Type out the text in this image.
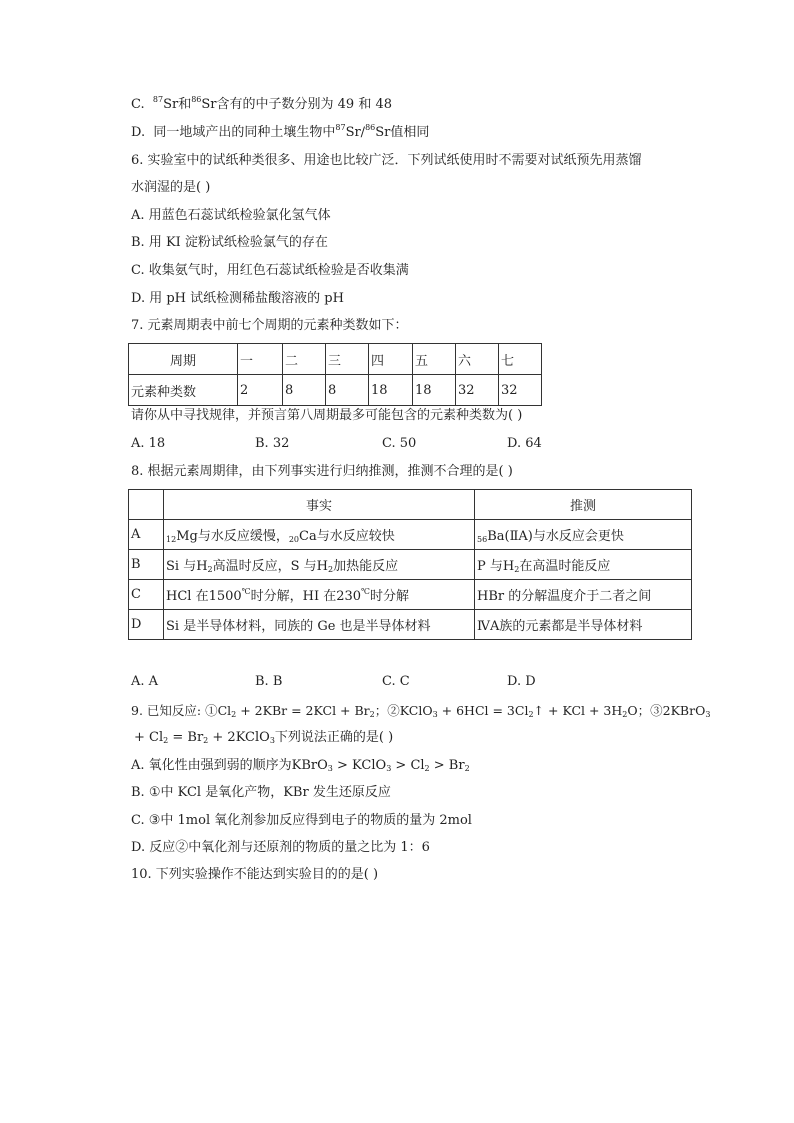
C. $^{87}$Sr和$^{86}$Sr含有的中子数分别为 49 和 48
D. 同一地域产出的同种土壤生物中$^{87}$Sr/$^{86}$Sr值相同
6. 实验室中的试纸种类很多、用途也比较广泛．下列试纸使用时不需要对试纸预先用蒸馏
水润湿的是( )
A. 用蓝色石蕊试纸检验氯化氢气体
B. 用 KI 淀粉试纸检验氯气的存在
C. 收集氨气时，用红色石蕊试纸检验是否收集满
D. 用 pH 试纸检测稀盐酸溶液的 pH
7. 元素周期表中前七个周期的元素种类数如下：
周期	一	二	三	四	五	六	七
元素种类数	2	8	8	18	18	32	32
请你从中寻找规律，并预言第八周期最多可能包含的元素种类数为( )
A. 18	B. 32	C. 50	D. 64
8. 根据元素周期律，由下列事实进行归纳推测，推测不合理的是( )
	事实	推测
A	$_{12}$Mg与水反应缓慢，$_{20}$Ca与水反应较快	$_{56}$Ba(ⅡA)与水反应会更快
B	Si 与$H_2$高温时反应，S 与$H_2$加热能反应	P 与$H_2$在高温时能反应
C	HCl 在1500℃时分解，HI 在230℃时分解	HBr 的分解温度介于二者之间
D	Si 是半导体材料，同族的 Ge 也是半导体材料	ⅣA族的元素都是半导体材料
A. A	B. B	C. C	D. D
9. 已知反应: $①Cl_2 + 2KBr = 2KCl + Br_2$；②KClO$_3$ + $6HCl = 3Cl_2↑$ + KCl + $3H_2O$；③2KBrO$_3$
+ $Cl_2 = Br_2$ + 2KClO$_3$下列说法正确的是( )
A. 氧化性由强到弱的顺序为KBrO$_3$ > KClO$_3$ > $Cl_2 > Br_2$
B. ①中 KCl 是氧化产物，KBr 发生还原反应
C. ③中 1mol 氧化剂参加反应得到电子的物质的量为 2mol
D. 反应②中氧化剂与还原剂的物质的量之比为 1：6
10. 下列实验操作不能达到实验目的的是( )
